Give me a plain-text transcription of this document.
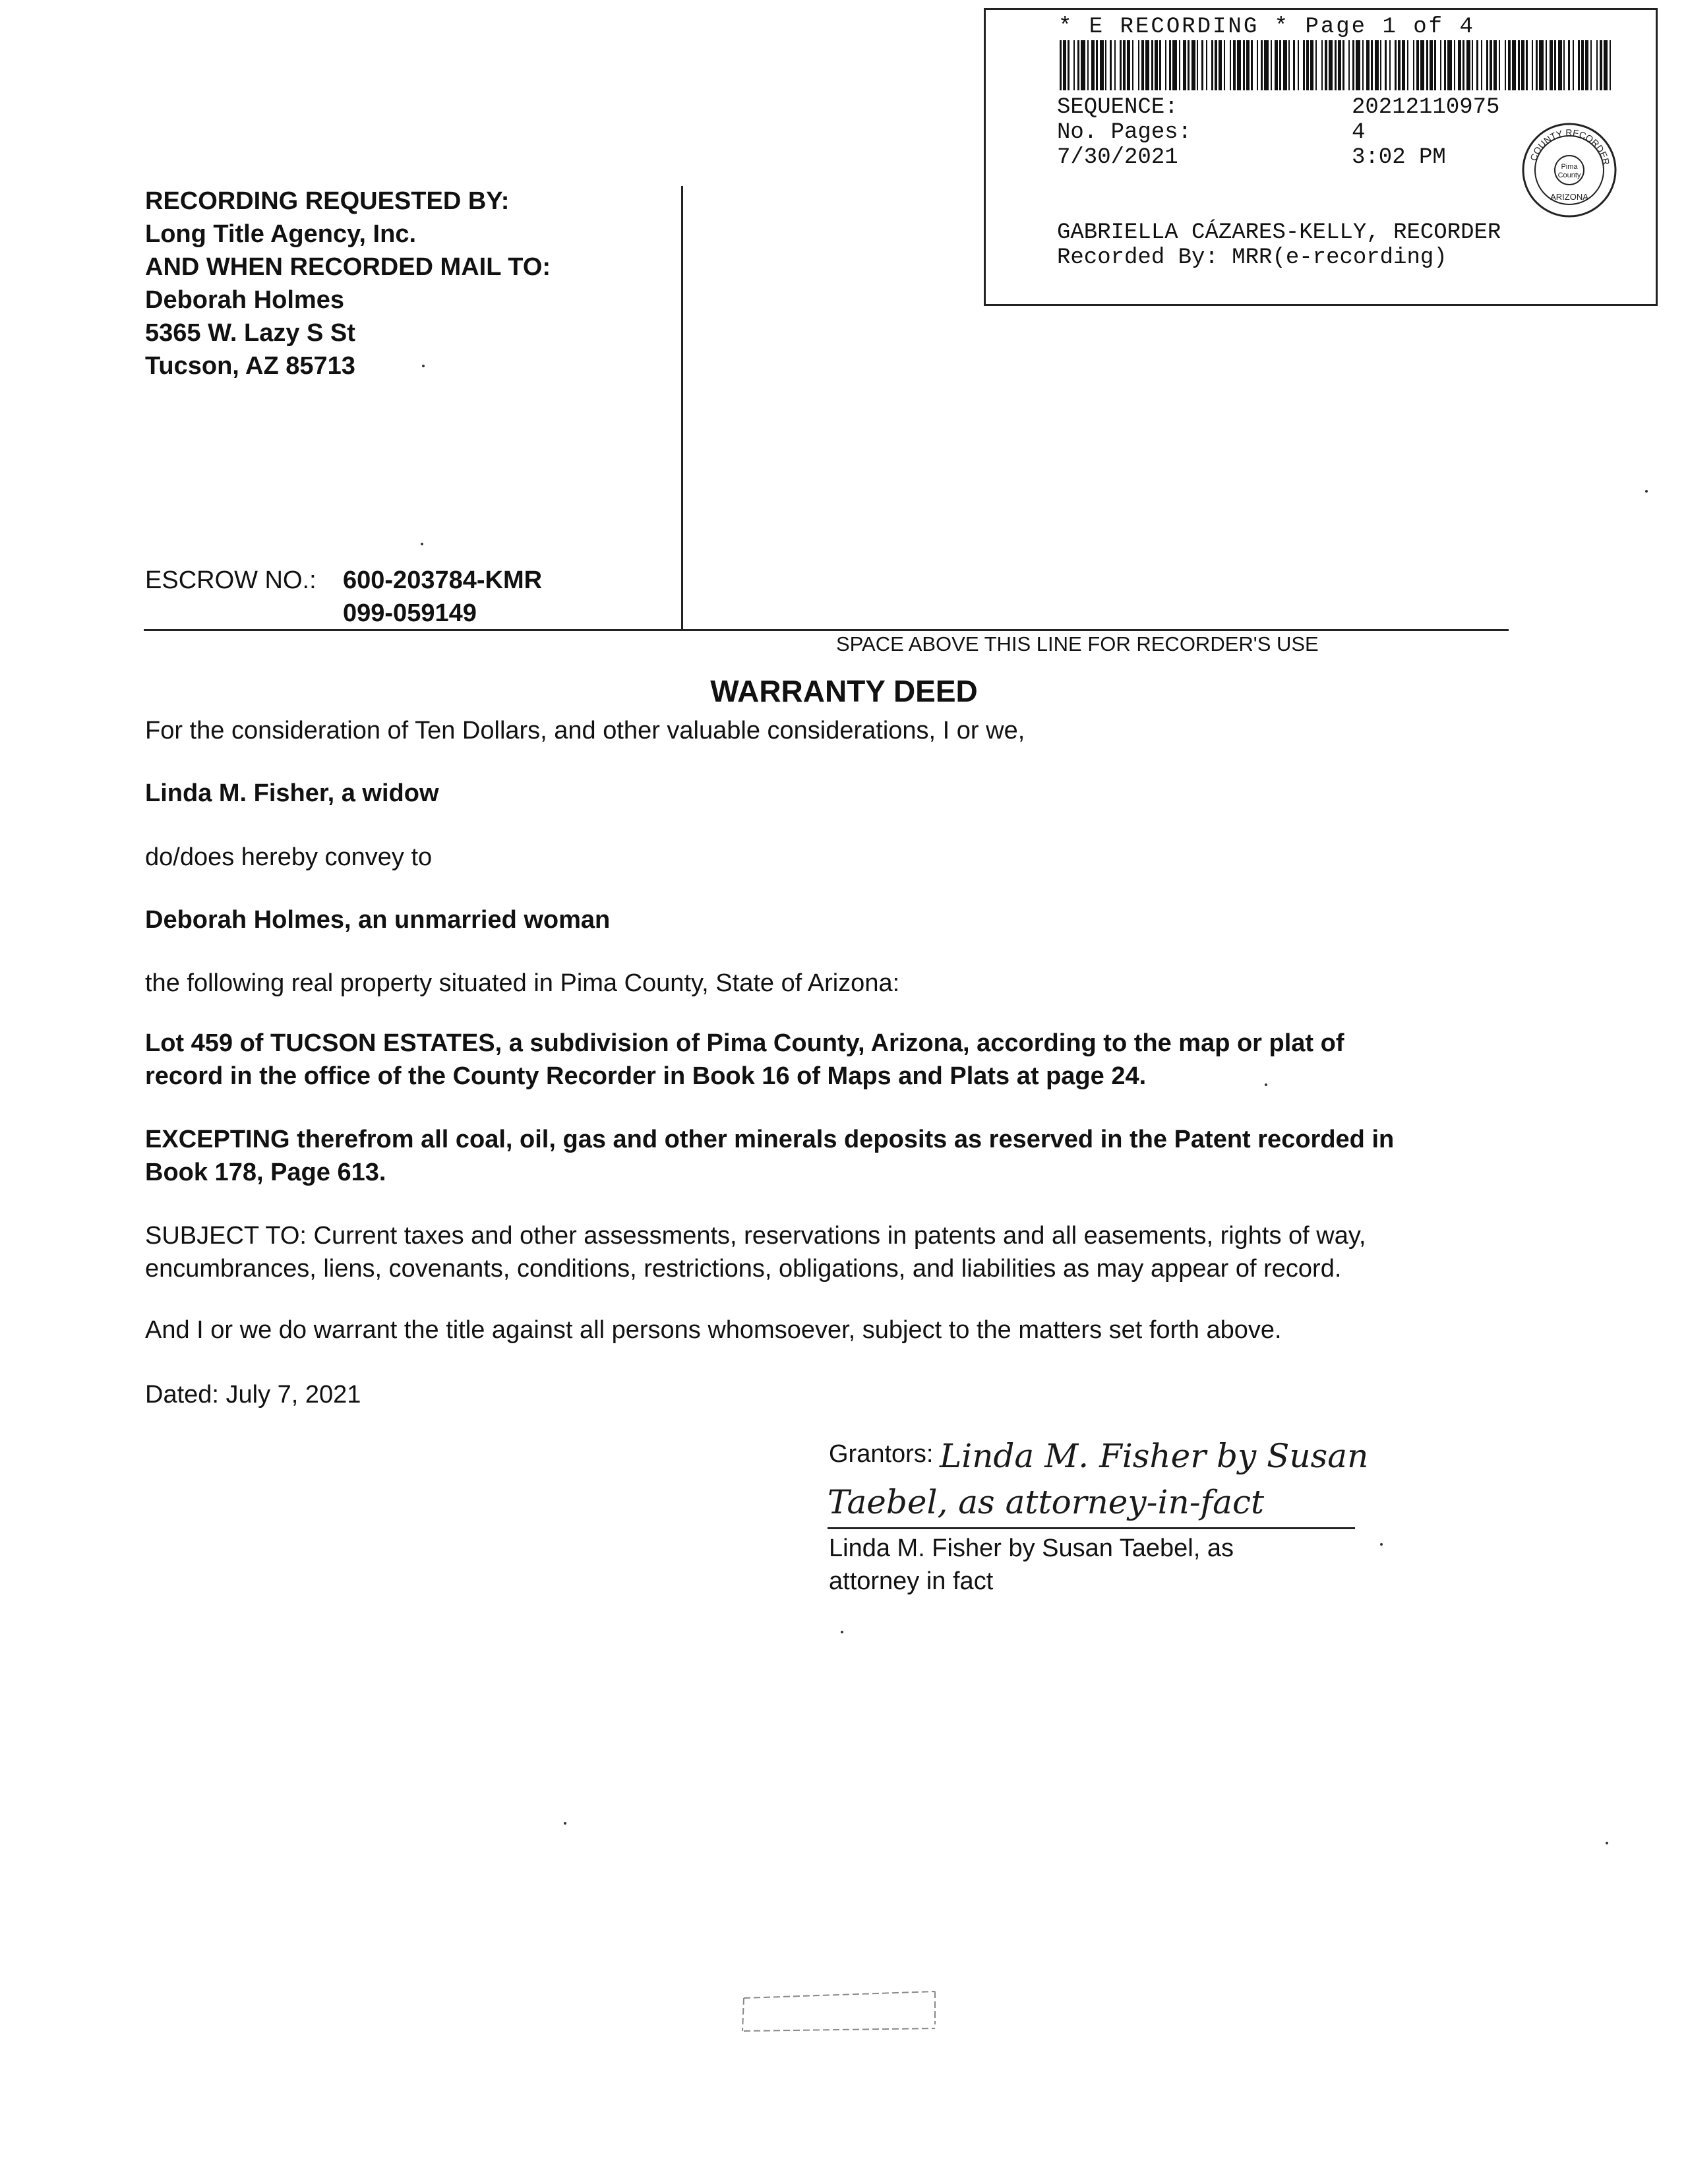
* E RECORDING * Page 1 of 4
SEQUENCE:	20212110975
No. Pages:	4
7/30/2021	3:02 PM
GABRIELLA CÁZARES-KELLY, RECORDER
Recorded By: MRR(e-recording)
COUNTY RECORDER
Pima
County
ARIZONA
RECORDING REQUESTED BY:
Long Title Agency, Inc.
AND WHEN RECORDED MAIL TO:
Deborah Holmes
5365 W. Lazy S St
Tucson, AZ 85713
ESCROW NO.: 600-203784-KMR
099-059149
SPACE ABOVE THIS LINE FOR RECORDER'S USE
WARRANTY DEED
For the consideration of Ten Dollars, and other valuable considerations, I or we,
Linda M. Fisher, a widow
do/does hereby convey to
Deborah Holmes, an unmarried woman
the following real property situated in Pima County, State of Arizona:
Lot 459 of TUCSON ESTATES, a subdivision of Pima County, Arizona, according to the map or plat of
record in the office of the County Recorder in Book 16 of Maps and Plats at page 24.
EXCEPTING therefrom all coal, oil, gas and other minerals deposits as reserved in the Patent recorded in
Book 178, Page 613.
SUBJECT TO: Current taxes and other assessments, reservations in patents and all easements, rights of way,
encumbrances, liens, covenants, conditions, restrictions, obligations, and liabilities as may appear of record.
And I or we do warrant the title against all persons whomsoever, subject to the matters set forth above.
Dated: July 7, 2021
Grantors: Linda M. Fisher by Susan
Taebel, as attorney-in-fact
Linda M. Fisher by Susan Taebel, as
attorney in fact
